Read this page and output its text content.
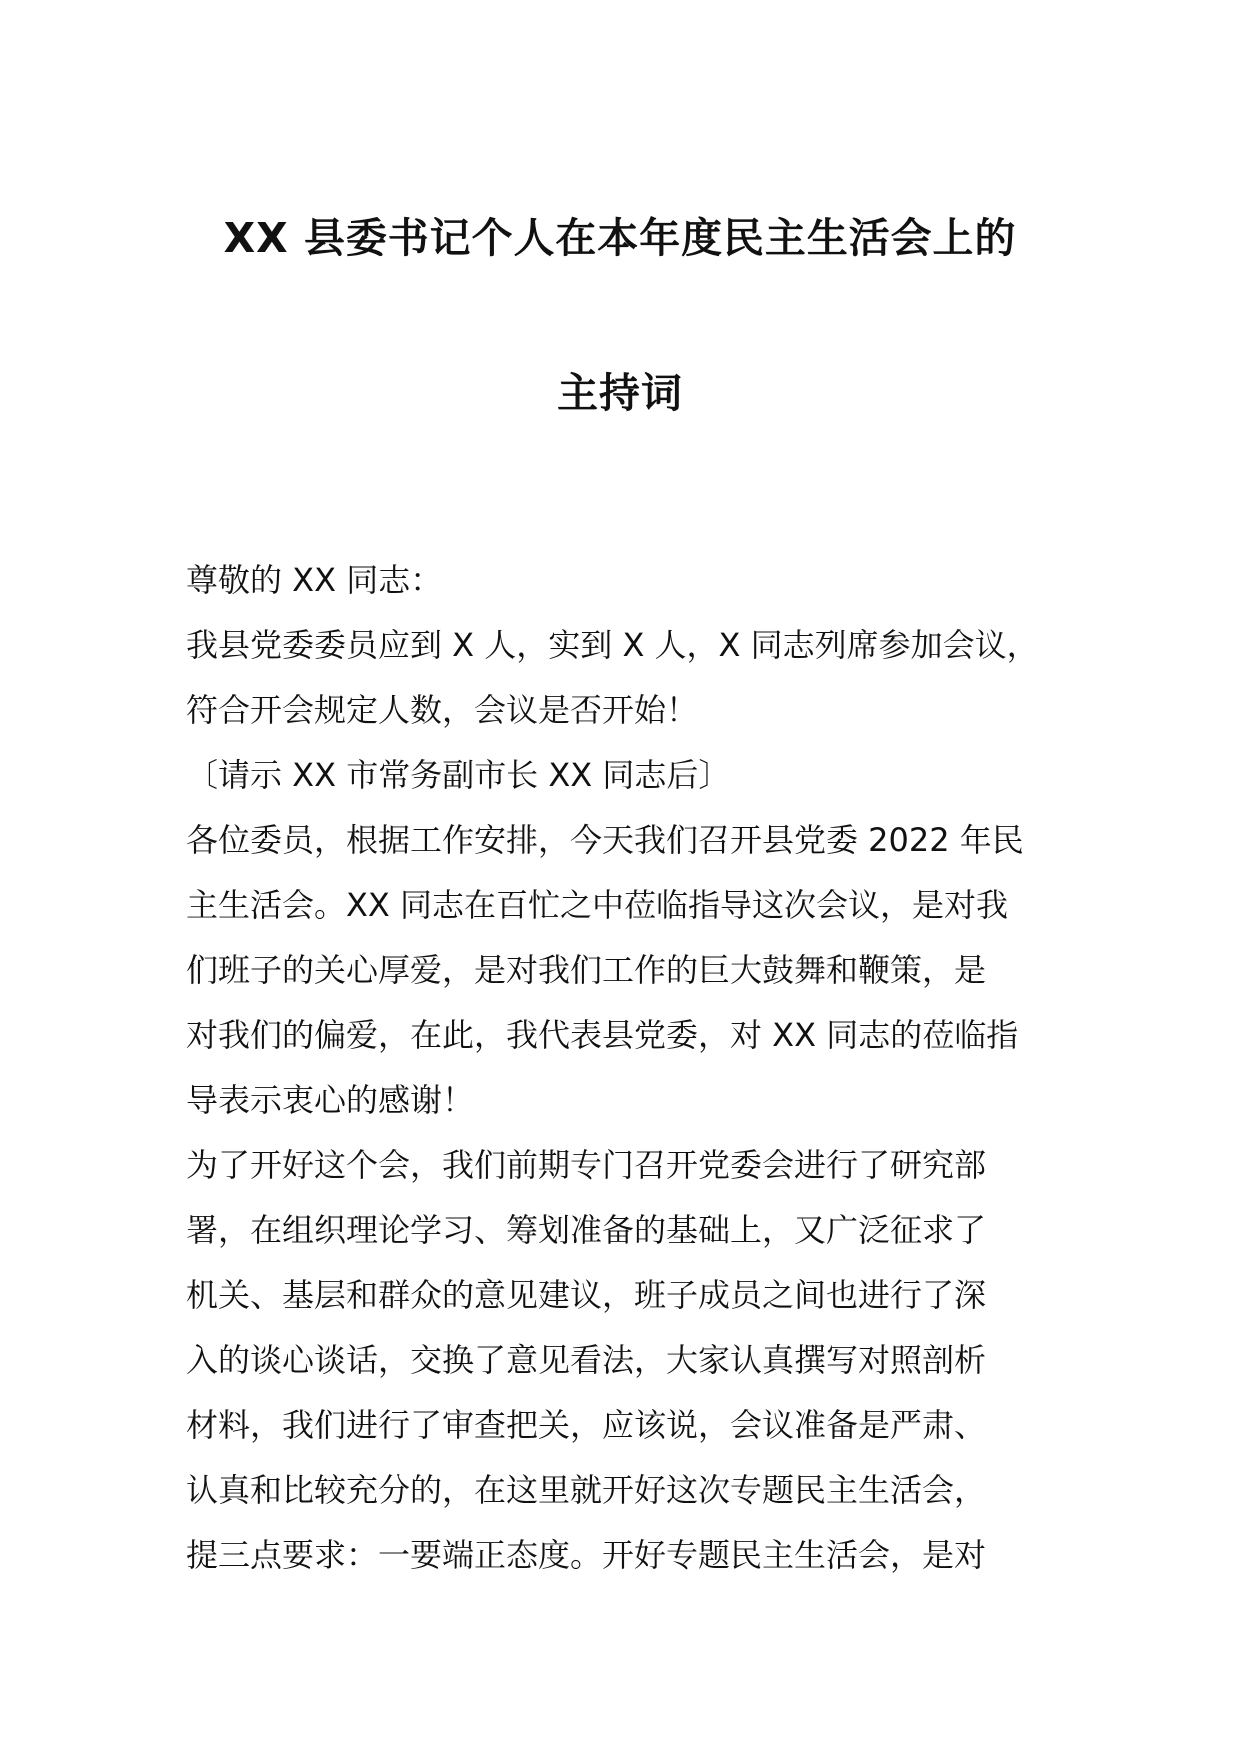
XX 县委书记个人在本年度民主生活会上的
主持词
尊敬的 XX 同志：
我县党委委员应到 X 人，实到 X 人，X 同志列席参加会议，
符合开会规定人数，会议是否开始！
〔请示 XX 市常务副市长 XX 同志后〕
各位委员，根据工作安排，今天我们召开县党委 2022 年民
主生活会。XX 同志在百忙之中莅临指导这次会议，是对我
们班子的关心厚爱，是对我们工作的巨大鼓舞和鞭策，是
对我们的偏爱，在此，我代表县党委，对 XX 同志的莅临指
导表示衷心的感谢！
为了开好这个会，我们前期专门召开党委会进行了研究部
署，在组织理论学习、筹划准备的基础上，又广泛征求了
机关、基层和群众的意见建议，班子成员之间也进行了深
入的谈心谈话，交换了意见看法，大家认真撰写对照剖析
材料，我们进行了审查把关，应该说，会议准备是严肃、
认真和比较充分的，在这里就开好这次专题民主生活会，
提三点要求：一要端正态度。开好专题民主生活会，是对
